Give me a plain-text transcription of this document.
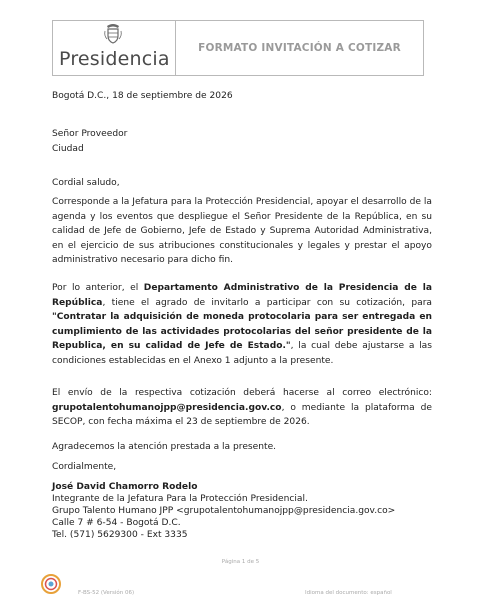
Presidencia	FORMATO INVITACIÓN A COTIZAR
Bogotá D.C., 18 de septiembre de 2026

Señor Proveedor

Ciudad

Cordial saludo,

Corresponde a la Jefatura para la Protección Presidencial, apoyar el desarrollo de la agenda y los eventos que despliegue el Señor Presidente de la República, en su calidad de Jefe de Gobierno, Jefe de Estado y Suprema Autoridad Administrativa, en el ejercicio de sus atribuciones constitucionales y legales y prestar el apoyo administrativo necesario para dicho fin.

Por lo anterior, el Departamento Administrativo de la Presidencia de la República, tiene el agrado de invitarlo a participar con su cotización, para "Contratar la adquisición de moneda protocolaria para ser entregada en cumplimiento de las actividades protocolarias del señor presidente de la Republica, en su calidad de Jefe de Estado.", la cual debe ajustarse a las condiciones establecidas en el Anexo 1 adjunto a la presente.

El envío de la respectiva cotización deberá hacerse al correo electrónico: grupotalentohumanojpp@presidencia.gov.co, o mediante la plataforma de SECOP, con fecha máxima el 23 de septiembre de 2026.

Agradecemos la atención prestada a la presente.
Cordialmente,

José David Chamorro Rodelo

Integrante de la Jefatura Para la Protección Presidencial.

Grupo Talento Humano JPP <grupotalentohumanojpp@presidencia.gov.co>

Calle 7 # 6-54 - Bogotá D.C.

Tel. (571) 5629300 - Ext 3335

Página 1 de 5
F-BS-52 (Versión 06)	Idioma del documento: español
